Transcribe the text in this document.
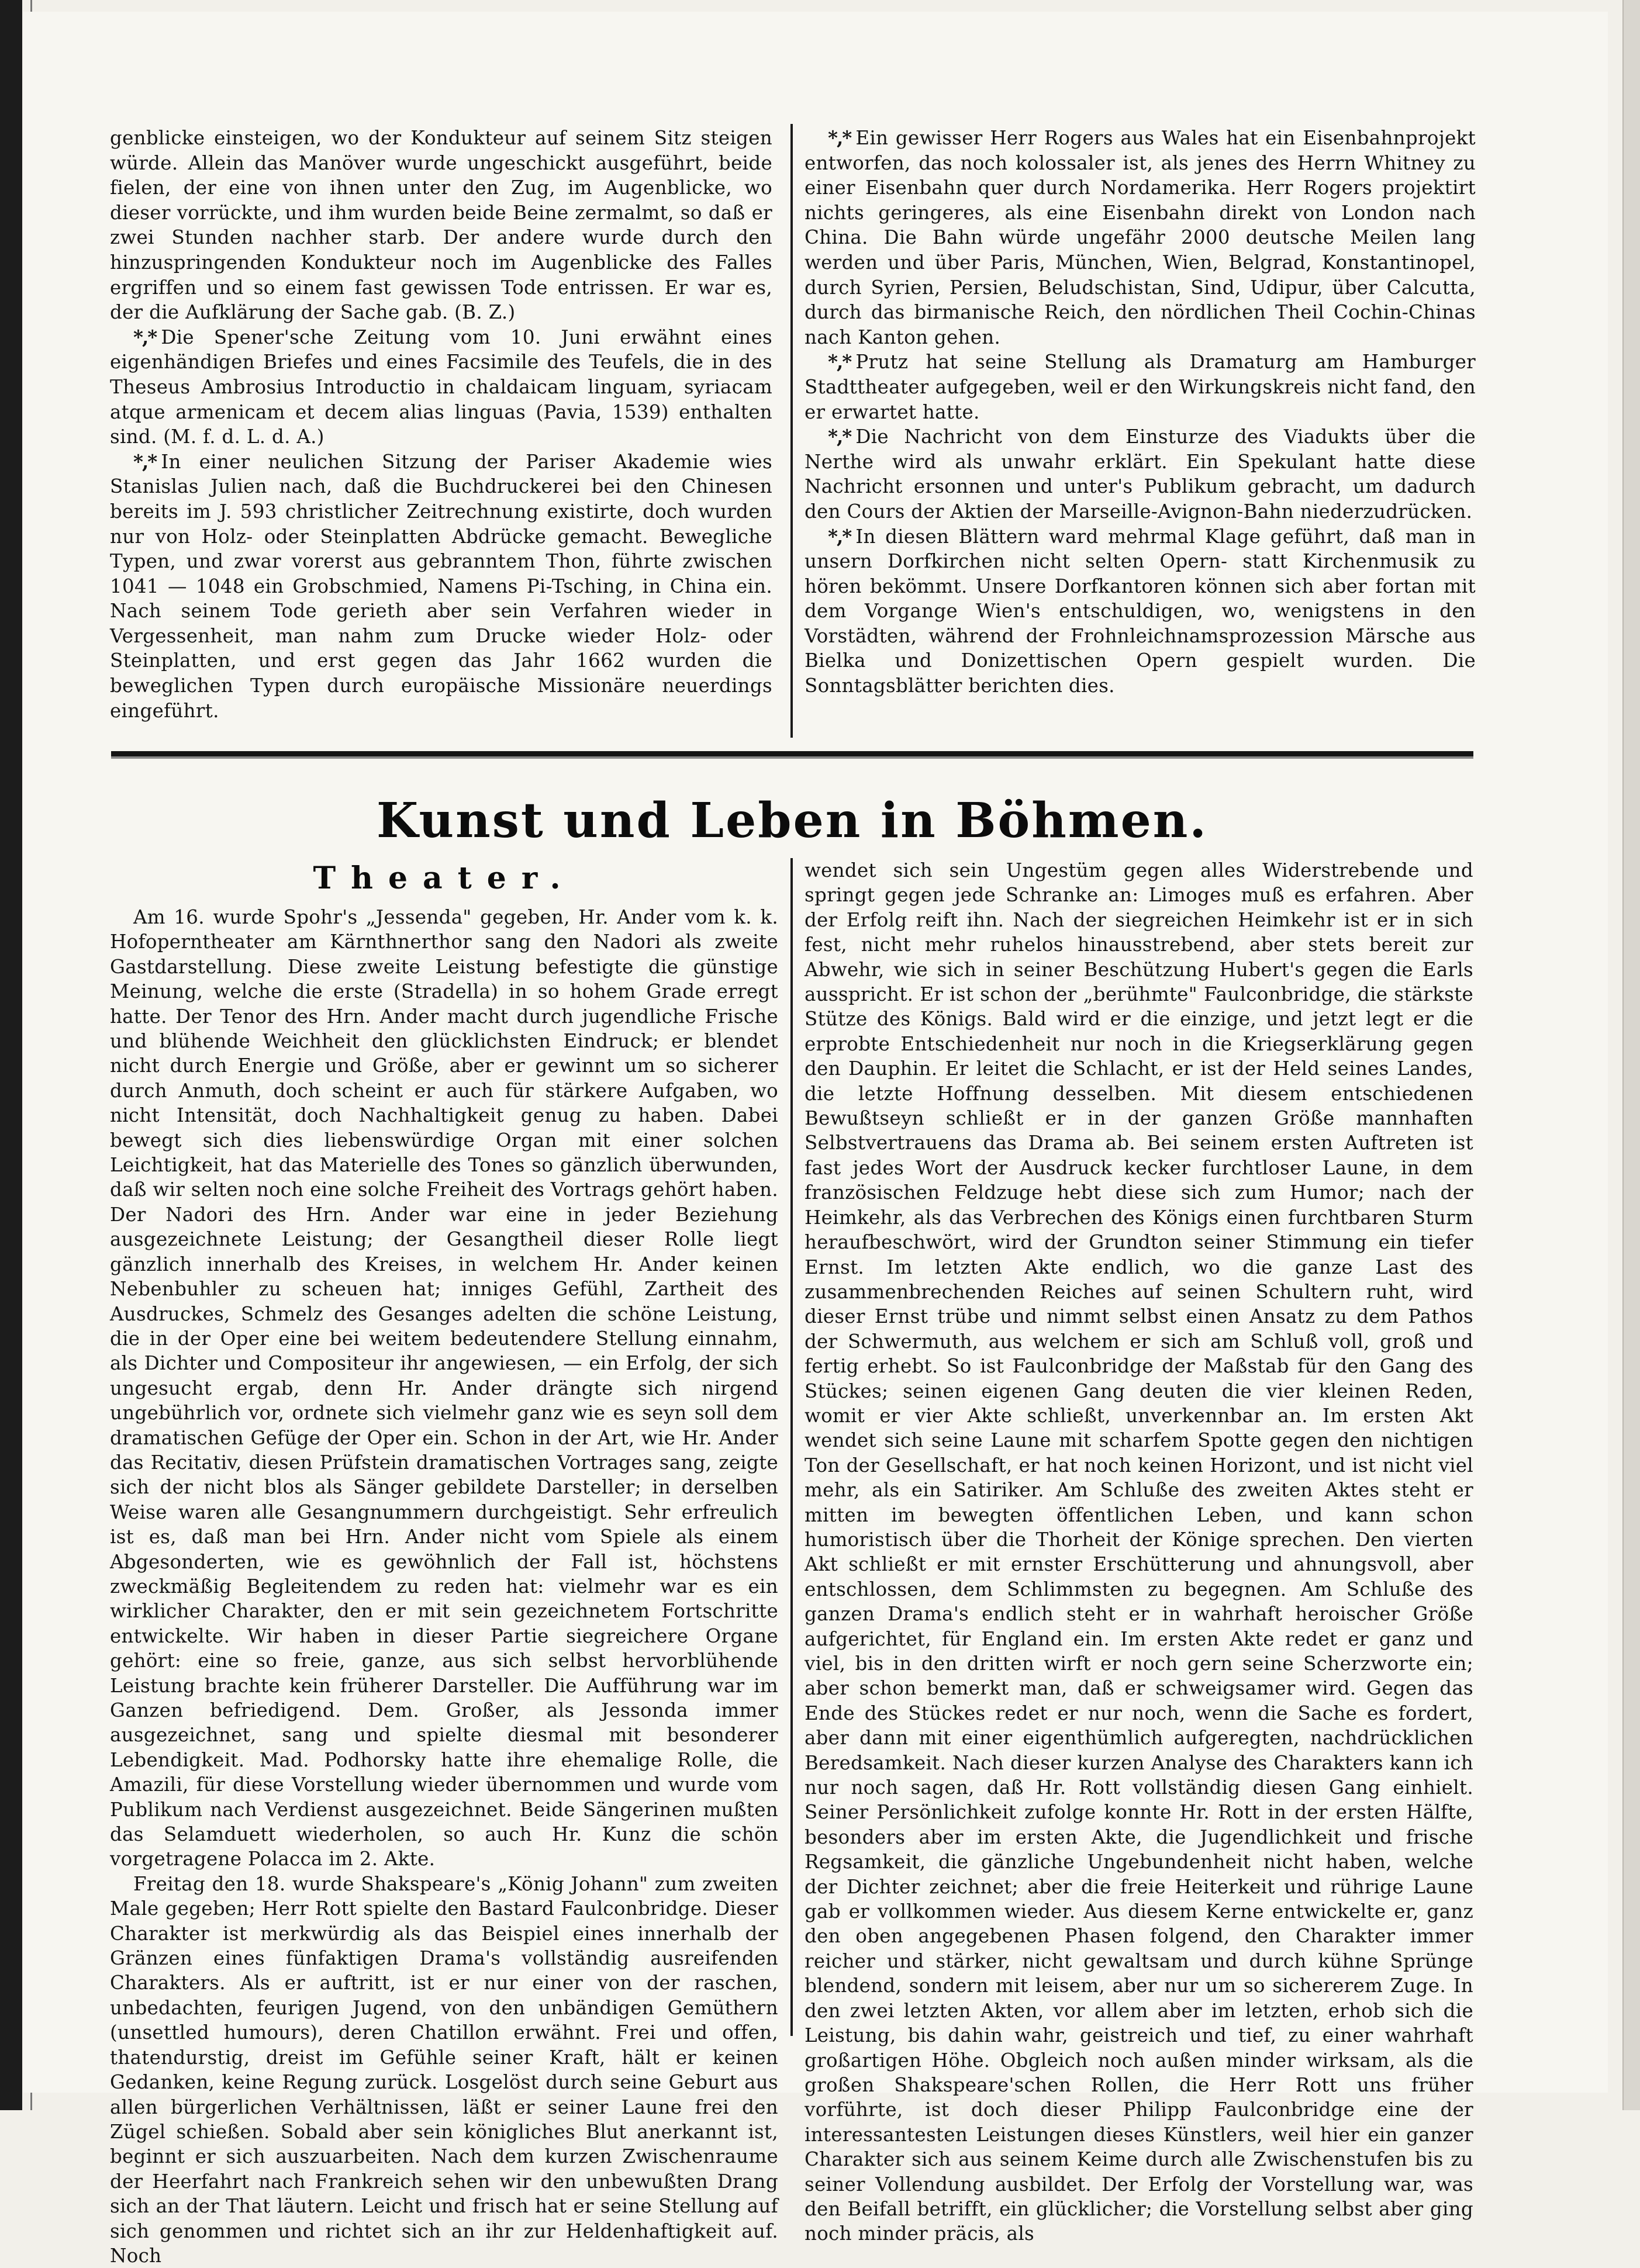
genblicke einsteigen, wo der Kondukteur auf seinem Sitz steigen würde. Allein das Manöver wurde ungeschickt ausgeführt, beide fielen, der eine von ihnen unter den Zug, im Augenblicke, wo dieser vorrückte, und ihm wurden beide Beine zermalmt, so daß er zwei Stunden nachher starb. Der andere wurde durch den hinzuspringenden Kondukteur noch im Augenblicke des Falles ergriffen und so einem fast gewissen Tode entrissen. Er war es, der die Aufklärung der Sache gab. (B. Z.)

*,* Die Spener'sche Zeitung vom 10. Juni erwähnt eines eigenhändigen Briefes und eines Facsimile des Teufels, die in des Theseus Ambrosius Introductio in chaldaicam linguam, syriacam atque armenicam et decem alias linguas (Pavia, 1539) enthalten sind. (M. f. d. L. d. A.)

*,* In einer neulichen Sitzung der Pariser Akademie wies Stanislas Julien nach, daß die Buchdruckerei bei den Chinesen bereits im J. 593 christlicher Zeitrechnung existirte, doch wurden nur von Holz- oder Steinplatten Abdrücke gemacht. Bewegliche Typen, und zwar vorerst aus gebranntem Thon, führte zwischen 1041 — 1048 ein Grobschmied, Namens Pi-Tsching, in China ein. Nach seinem Tode gerieth aber sein Verfahren wieder in Vergessenheit, man nahm zum Drucke wieder Holz- oder Steinplatten, und erst gegen das Jahr 1662 wurden die beweglichen Typen durch europäische Missionäre neuerdings eingeführt.

*,* Ein gewisser Herr Rogers aus Wales hat ein Eisenbahnprojekt entworfen, das noch kolossaler ist, als jenes des Herrn Whitney zu einer Eisenbahn quer durch Nordamerika. Herr Rogers projektirt nichts geringeres, als eine Eisenbahn direkt von London nach China. Die Bahn würde ungefähr 2000 deutsche Meilen lang werden und über Paris, München, Wien, Belgrad, Konstantinopel, durch Syrien, Persien, Beludschistan, Sind, Udipur, über Calcutta, durch das birmanische Reich, den nördlichen Theil Cochin-Chinas nach Kanton gehen.

*,* Prutz hat seine Stellung als Dramaturg am Hamburger Stadttheater aufgegeben, weil er den Wirkungskreis nicht fand, den er erwartet hatte.

*,* Die Nachricht von dem Einsturze des Viadukts über die Nerthe wird als unwahr erklärt. Ein Spekulant hatte diese Nachricht ersonnen und unter's Publikum gebracht, um dadurch den Cours der Aktien der Marseille-Avignon-Bahn niederzudrücken.

*,* In diesen Blättern ward mehrmal Klage geführt, daß man in unsern Dorfkirchen nicht selten Opern- statt Kirchenmusik zu hören bekömmt. Unsere Dorfkantoren können sich aber fortan mit dem Vorgange Wien's entschuldigen, wo, wenigstens in den Vorstädten, während der Frohnleichnamsprozession Märsche aus Bielka und Donizettischen Opern gespielt wurden. Die Sonntagsblätter berichten dies.

Kunst und Leben in Böhmen.
Theater.

Am 16. wurde Spohr's „Jessenda" gegeben, Hr. Ander vom k. k. Hofoperntheater am Kärnthnerthor sang den Nadori als zweite Gastdarstellung. Diese zweite Leistung befestigte die günstige Meinung, welche die erste (Stradella) in so hohem Grade erregt hatte. Der Tenor des Hrn. Ander macht durch jugendliche Frische und blühende Weichheit den glücklichsten Eindruck; er blendet nicht durch Energie und Größe, aber er gewinnt um so sicherer durch Anmuth, doch scheint er auch für stärkere Aufgaben, wo nicht Intensität, doch Nachhaltigkeit genug zu haben. Dabei bewegt sich dies liebenswürdige Organ mit einer solchen Leichtigkeit, hat das Materielle des Tones so gänzlich überwunden, daß wir selten noch eine solche Freiheit des Vortrags gehört haben. Der Nadori des Hrn. Ander war eine in jeder Beziehung ausgezeichnete Leistung; der Gesangtheil dieser Rolle liegt gänzlich innerhalb des Kreises, in welchem Hr. Ander keinen Nebenbuhler zu scheuen hat; inniges Gefühl, Zartheit des Ausdruckes, Schmelz des Gesanges adelten die schöne Leistung, die in der Oper eine bei weitem bedeutendere Stellung einnahm, als Dichter und Compositeur ihr angewiesen, — ein Erfolg, der sich ungesucht ergab, denn Hr. Ander drängte sich nirgend ungebührlich vor, ordnete sich vielmehr ganz wie es seyn soll dem dramatischen Gefüge der Oper ein. Schon in der Art, wie Hr. Ander das Recitativ, diesen Prüfstein dramatischen Vortrages sang, zeigte sich der nicht blos als Sänger gebildete Darsteller; in derselben Weise waren alle Gesangnummern durchgeistigt. Sehr erfreulich ist es, daß man bei Hrn. Ander nicht vom Spiele als einem Abgesonderten, wie es gewöhnlich der Fall ist, höchstens zweckmäßig Begleitendem zu reden hat: vielmehr war es ein wirklicher Charakter, den er mit sein gezeichnetem Fortschritte entwickelte. Wir haben in dieser Partie siegreichere Organe gehört: eine so freie, ganze, aus sich selbst hervorblühende Leistung brachte kein früherer Darsteller. Die Aufführung war im Ganzen befriedigend. Dem. Großer, als Jessonda immer ausgezeichnet, sang und spielte diesmal mit besonderer Lebendigkeit. Mad. Podhorsky hatte ihre ehemalige Rolle, die Amazili, für diese Vorstellung wieder übernommen und wurde vom Publikum nach Verdienst ausgezeichnet. Beide Sängerinen mußten das Selamduett wiederholen, so auch Hr. Kunz die schön vorgetragene Polacca im 2. Akte.

Freitag den 18. wurde Shakspeare's „König Johann" zum zweiten Male gegeben; Herr Rott spielte den Bastard Faulconbridge. Dieser Charakter ist merkwürdig als das Beispiel eines innerhalb der Gränzen eines fünfaktigen Drama's vollständig ausreifenden Charakters. Als er auftritt, ist er nur einer von der raschen, unbedachten, feurigen Jugend, von den unbändigen Gemüthern (unsettled humours), deren Chatillon erwähnt. Frei und offen, thatendurstig, dreist im Gefühle seiner Kraft, hält er keinen Gedanken, keine Regung zurück. Losgelöst durch seine Geburt aus allen bürgerlichen Verhältnissen, läßt er seiner Laune frei den Zügel schießen. Sobald aber sein königliches Blut anerkannt ist, beginnt er sich auszuarbeiten. Nach dem kurzen Zwischenraume der Heerfahrt nach Frankreich sehen wir den unbewußten Drang sich an der That läutern. Leicht und frisch hat er seine Stellung auf sich genommen und richtet sich an ihr zur Heldenhaftigkeit auf. Noch

wendet sich sein Ungestüm gegen alles Widerstrebende und springt gegen jede Schranke an: Limoges muß es erfahren. Aber der Erfolg reift ihn. Nach der siegreichen Heimkehr ist er in sich fest, nicht mehr ruhelos hinausstrebend, aber stets bereit zur Abwehr, wie sich in seiner Beschützung Hubert's gegen die Earls ausspricht. Er ist schon der „berühmte" Faulconbridge, die stärkste Stütze des Königs. Bald wird er die einzige, und jetzt legt er die erprobte Entschiedenheit nur noch in die Kriegserklärung gegen den Dauphin. Er leitet die Schlacht, er ist der Held seines Landes, die letzte Hoffnung desselben. Mit diesem entschiedenen Bewußtseyn schließt er in der ganzen Größe mannhaften Selbstvertrauens das Drama ab. Bei seinem ersten Auftreten ist fast jedes Wort der Ausdruck kecker furchtloser Laune, in dem französischen Feldzuge hebt diese sich zum Humor; nach der Heimkehr, als das Verbrechen des Königs einen furchtbaren Sturm heraufbeschwört, wird der Grundton seiner Stimmung ein tiefer Ernst. Im letzten Akte endlich, wo die ganze Last des zusammenbrechenden Reiches auf seinen Schultern ruht, wird dieser Ernst trübe und nimmt selbst einen Ansatz zu dem Pathos der Schwermuth, aus welchem er sich am Schluß voll, groß und fertig erhebt. So ist Faulconbridge der Maßstab für den Gang des Stückes; seinen eigenen Gang deuten die vier kleinen Reden, womit er vier Akte schließt, unverkennbar an. Im ersten Akt wendet sich seine Laune mit scharfem Spotte gegen den nichtigen Ton der Gesellschaft, er hat noch keinen Horizont, und ist nicht viel mehr, als ein Satiriker. Am Schluße des zweiten Aktes steht er mitten im bewegten öffentlichen Leben, und kann schon humoristisch über die Thorheit der Könige sprechen. Den vierten Akt schließt er mit ernster Erschütterung und ahnungsvoll, aber entschlossen, dem Schlimmsten zu begegnen. Am Schluße des ganzen Drama's endlich steht er in wahrhaft heroischer Größe aufgerichtet, für England ein. Im ersten Akte redet er ganz und viel, bis in den dritten wirft er noch gern seine Scherzworte ein; aber schon bemerkt man, daß er schweigsamer wird. Gegen das Ende des Stückes redet er nur noch, wenn die Sache es fordert, aber dann mit einer eigenthümlich aufgeregten, nachdrücklichen Beredsamkeit. Nach dieser kurzen Analyse des Charakters kann ich nur noch sagen, daß Hr. Rott vollständig diesen Gang einhielt. Seiner Persönlichkeit zufolge konnte Hr. Rott in der ersten Hälfte, besonders aber im ersten Akte, die Jugendlichkeit und frische Regsamkeit, die gänzliche Ungebundenheit nicht haben, welche der Dichter zeichnet; aber die freie Heiterkeit und rührige Laune gab er vollkommen wieder. Aus diesem Kerne entwickelte er, ganz den oben angegebenen Phasen folgend, den Charakter immer reicher und stärker, nicht gewaltsam und durch kühne Sprünge blendend, sondern mit leisem, aber nur um so sichererem Zuge. In den zwei letzten Akten, vor allem aber im letzten, erhob sich die Leistung, bis dahin wahr, geistreich und tief, zu einer wahrhaft großartigen Höhe. Obgleich noch außen minder wirksam, als die großen Shakspeare'schen Rollen, die Herr Rott uns früher vorführte, ist doch dieser Philipp Faulconbridge eine der interessantesten Leistungen dieses Künstlers, weil hier ein ganzer Charakter sich aus seinem Keime durch alle Zwischenstufen bis zu seiner Vollendung ausbildet. Der Erfolg der Vorstellung war, was den Beifall betrifft, ein glücklicher; die Vorstellung selbst aber ging noch minder präcis, als
